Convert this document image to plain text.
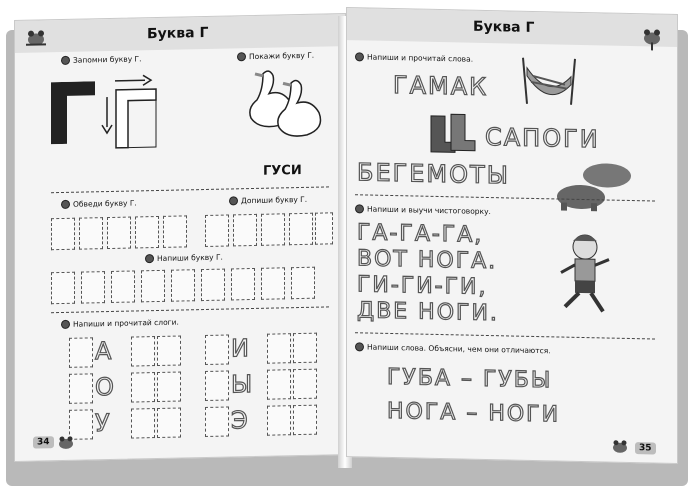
Буква Г
Запомни букву Г.	Покажи букву Г.
ГУСИ
Обведи букву Г.	Допиши букву Г.
Напиши букву Г.
Напиши и прочитай слоги.
А
О
У
И
Ы
Э
34
Буква Г
Напиши и прочитай слова.
ГАМАК
САПОГИ
БЕГЕМОТЫ
Напиши и выучи чистоговорку.
ГА-ГА-ГА,
ВОТ НОГА.
ГИ-ГИ-ГИ,
ДВЕ НОГИ.
Напиши слова. Объясни, чем они отличаются.
ГУБА – ГУБЫ
НОГА – НОГИ
35
